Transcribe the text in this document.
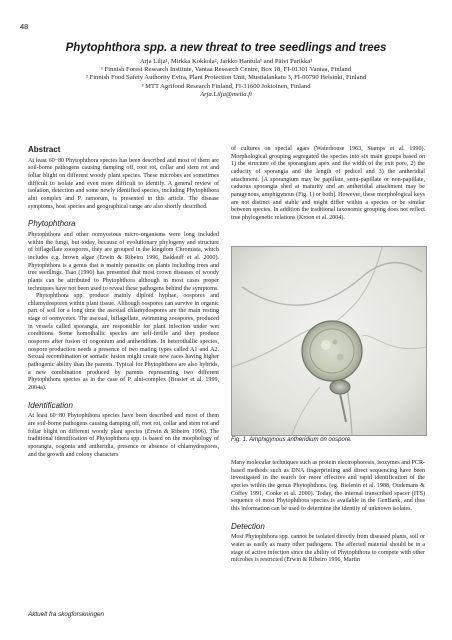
48
Phytophthora spp. a new threat to tree seedlings and trees
Arja Lilja¹, Mirkka Kokkola², Jarkko Hantula¹ and Päivi Parikka³
¹ Finnish Forest Research Institute, Vantaa Research Centre, Box 18, FI-01301 Vantaa, Finland
² Finnish Food Safety Authority Evira, Plant Protection Unit, Mustialankatu 3, FI-00790 Helsinki, Finland
³ MTT Agrifood Research Finland, FI-31600 Jokioinen, Finland
Arja.Lilja@metla.fi
Abstract

At least 60−80 Phytophthora species has been described and most of them are soil-borne pathogens causing damping off, root rot, collar and stem rot and foliar blight on different woody plant species. These microbes are sometimes difficult to isolate and even more difficult to identify. A general review of isolation, detection and some newly identified species, including Phytophthora alni complex and P. ramorum, is presented in this article. The disease symptoms, host species and geographical range are also shortly described.

Phytophthora

Phytophthora and other oomycetous micro-organisms were long included within the fungi, but today, because of evolutionary phylogeny and structure of biflagellate zoospores, they are grouped in the kingdom Chromista, which includes e.g. brown algae (Erwin & Ribeiro 1996, Baldauff et al. 2000). Phytophthora is a genus that is mainly parasitic on plants including trees and tree seedlings. Tsao (1990) has presented that most crown diseases of woody plants can be attributed to Phytophthora although in most cases proper techniques have not been used to reveal these pathogens behind the symptoms.

Phytophthora spp. produce mainly diploid hyphae, oospores and chlamydospores within plant tissue. Although oospores can survive in organic part of soil for a long time the asexual chlamydospores are the main resting stage of oomycetes. The asexual, biflagellate, swimming zoospores, produced in vessels called sporangia, are responsible for plant infection under wet conditions. Some homothallic species are self-fertile and they produce oospores after fusion of oogonium and antheridium. In heterothallic species, oospore production needs a presence of two mating types called A1 and A2. Sexual recombination or somatic fusion might create new races having higher pathogenic ability than the parents. Typical for Phytophthora are also hybrids, a new combination produced by parents representing two different Phytophthora species as in the case of P. alni-complex (Brasier et al. 1999, 2004a).

Identification

At least 60−80 Phytophthora species have been described and most of them are soil-borne pathogens causing damping off, root rot, collar and stem rot and foliar blight on different woody plant species (Erwin & Ribeiro 1996). The traditional identification of Phytophthora spp. is based on the morphology of sporangia, oogonia and antheridia, presence or absence of chlamydospores, and the growth and colony characters

of cultures on special agars (Waterhouse 1963, Stamps et al. 1990). Morphological grouping segregated the species into six main groups based on 1) the structure of the sporangium apex and the width of the exit pore, 2) the caducity of sporangia and the length of pedicel and 3) the antheridial attachment. [A sporangium may be papillate, semi-papillate or non-papillate, caduous sporangia shed at maturity and an antheridial attachment may be paragynous, amphigynous (Fig. 1) or both]. However, these morphological keys are not distinct and stable and might differ within a species or be similar between species. In addition the traditional taxonomic grouping does not reflect true phylogenetic relations (Kroon et al. 2004).

Fig. 1. Amphigynous antheridium on oospore.

Many molecular techniques such as protein electrophoresis, isozymes and PCR-based methods such as DNA fingerprinting and direct sequencing have been investigated in the search for more effective and rapid identification of the species within the genus Phytophthora. (eg. Bielenin et al. 1988, Oudemans & Coffey 1991, Cooke et al. 2000). Today, the internal transcribed spacer (ITS) sequence of most Phytophthora species is available in the GenBank, and thus this information can be used to determine the identity of unknown isolates.

Detection

Most Phytophthora spp. cannot be isolated directly from diseased plants, soil or water as easily as many other pathogens. The affected material should be in a stage of active infection since the ability of Phytophthora to compete with other microbes is restricted (Erwin & Ribeiro 1996, Martin

Aktuelt fra skogforskningen
